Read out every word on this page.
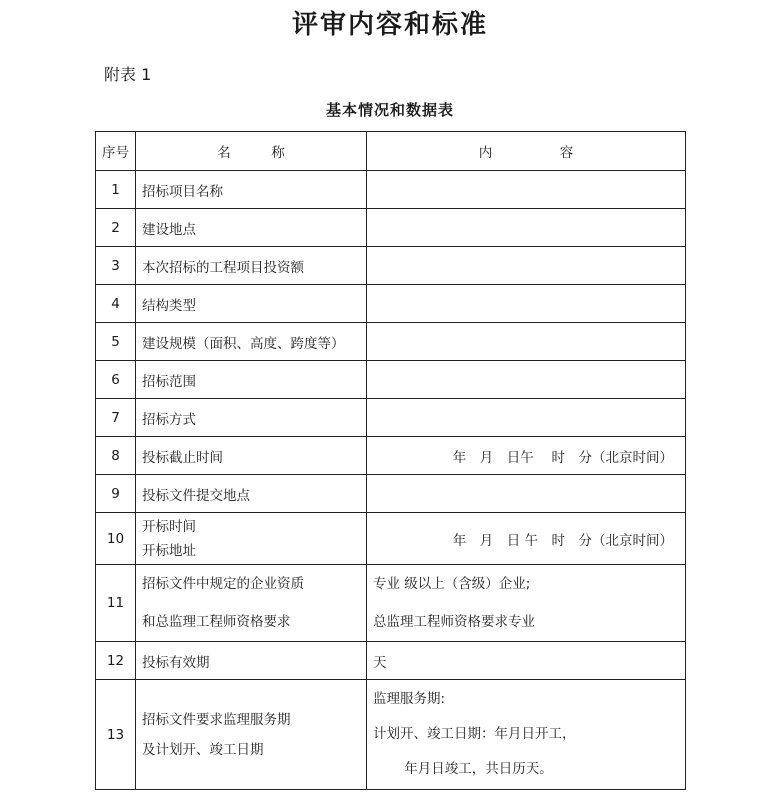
评审内容和标准
附表 1
基本情况和数据表
序号	名　　　称	内　　　　　容
1	招标项目名称	

2	建设地点	

3	本次招标的工程项目投资额	

4	结构类型	

5	建设规模（面积、高度、跨度等）	

6	招标范围	

7	招标方式	

8	投标截止时间	年　月　日午　 时　分（北京时间）

9	投标文件提交地点	

10	开标时间
开标地址	年　月　日 午　时　分（北京时间）

11	招标文件中规定的企业资质
和总监理工程师资格要求	专业 级以上（含级）企业;
总监理工程师资格要求专业

12	投标有效期	天

13	招标文件要求监理服务期
及计划开、竣工日期	监理服务期:
计划开、竣工日期：年月日开工，
　　 年月日竣工，共日历天。
